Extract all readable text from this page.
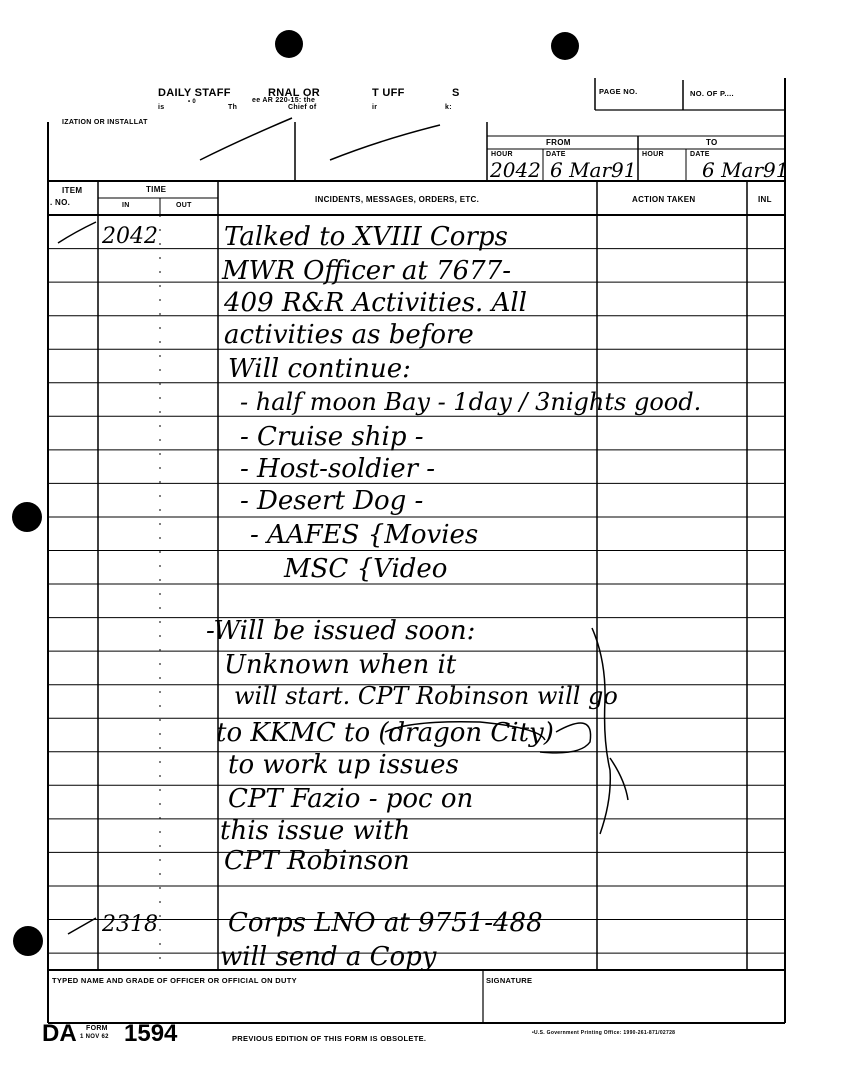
DAILY STAFF	RNAL OR	T UFF	S
• 0
is	Th
ee AR 220-15: the
Chief of	ir	k:
IZATION OR INSTALLAT
PAGE NO.	NO. OF P....
FROM	TO
HOUR	DATE	HOUR	DATE
2042 6 Mar91	6 Mar91
ITEM
. NO.
TIME
IN	OUT
INCIDENTS, MESSAGES, ORDERS, ETC.	ACTION TAKEN	INL
2042	Talked to XVIII Corps
MWR Officer at 7677-
409 R&R Activities. All
activities as before
Will continue:
- half moon Bay - 1day / 3nights good.
- Cruise ship -
- Host-soldier -
- Desert Dog -
- AAFES {Movies
MSC {Video
-Will be issued soon:
Unknown when it
will start. CPT Robinson will go
to KKMC to (dragon City)
to work up issues
CPT Fazio - poc on
this issue with
CPT Robinson
2318	Corps LNO at 9751-488
will send a Copy
TYPED NAME AND GRADE OF OFFICER OR OFFICIAL ON DUTY	SIGNATURE
DA FORM
1 NOV 62 1594	PREVIOUS EDITION OF THIS FORM IS OBSOLETE.
•U.S. Government Printing Office: 1990-261-871/02728
